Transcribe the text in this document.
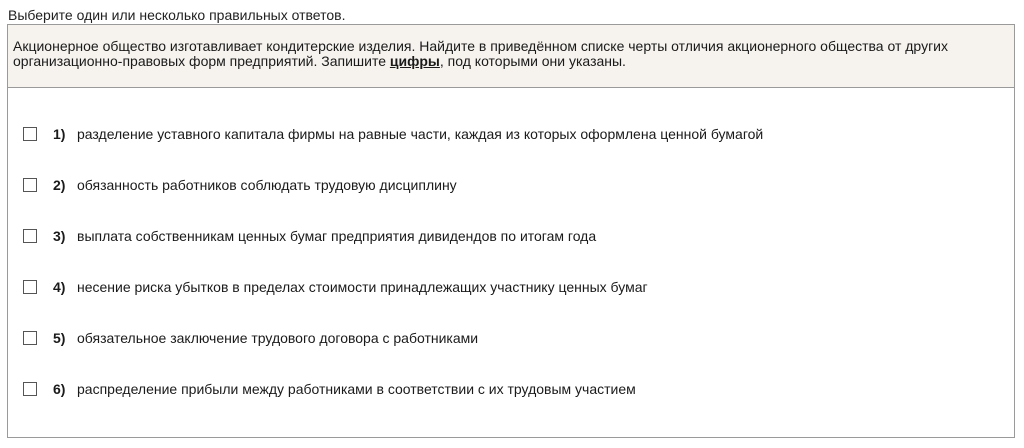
Выберите один или несколько правильных ответов.
Акционерное общество изготавливает кондитерские изделия. Найдите в приведённом списке черты отличия акционерного общества от других организационно-правовых форм предприятий. Запишите цифры, под которыми они указаны.
1) разделение уставного капитала фирмы на равные части, каждая из которых оформлена ценной бумагой
2) обязанность работников соблюдать трудовую дисциплину
3) выплата собственникам ценных бумаг предприятия дивидендов по итогам года
4) несение риска убытков в пределах стоимости принадлежащих участнику ценных бумаг
5) обязательное заключение трудового договора с работниками
6) распределение прибыли между работниками в соответствии с их трудовым участием
